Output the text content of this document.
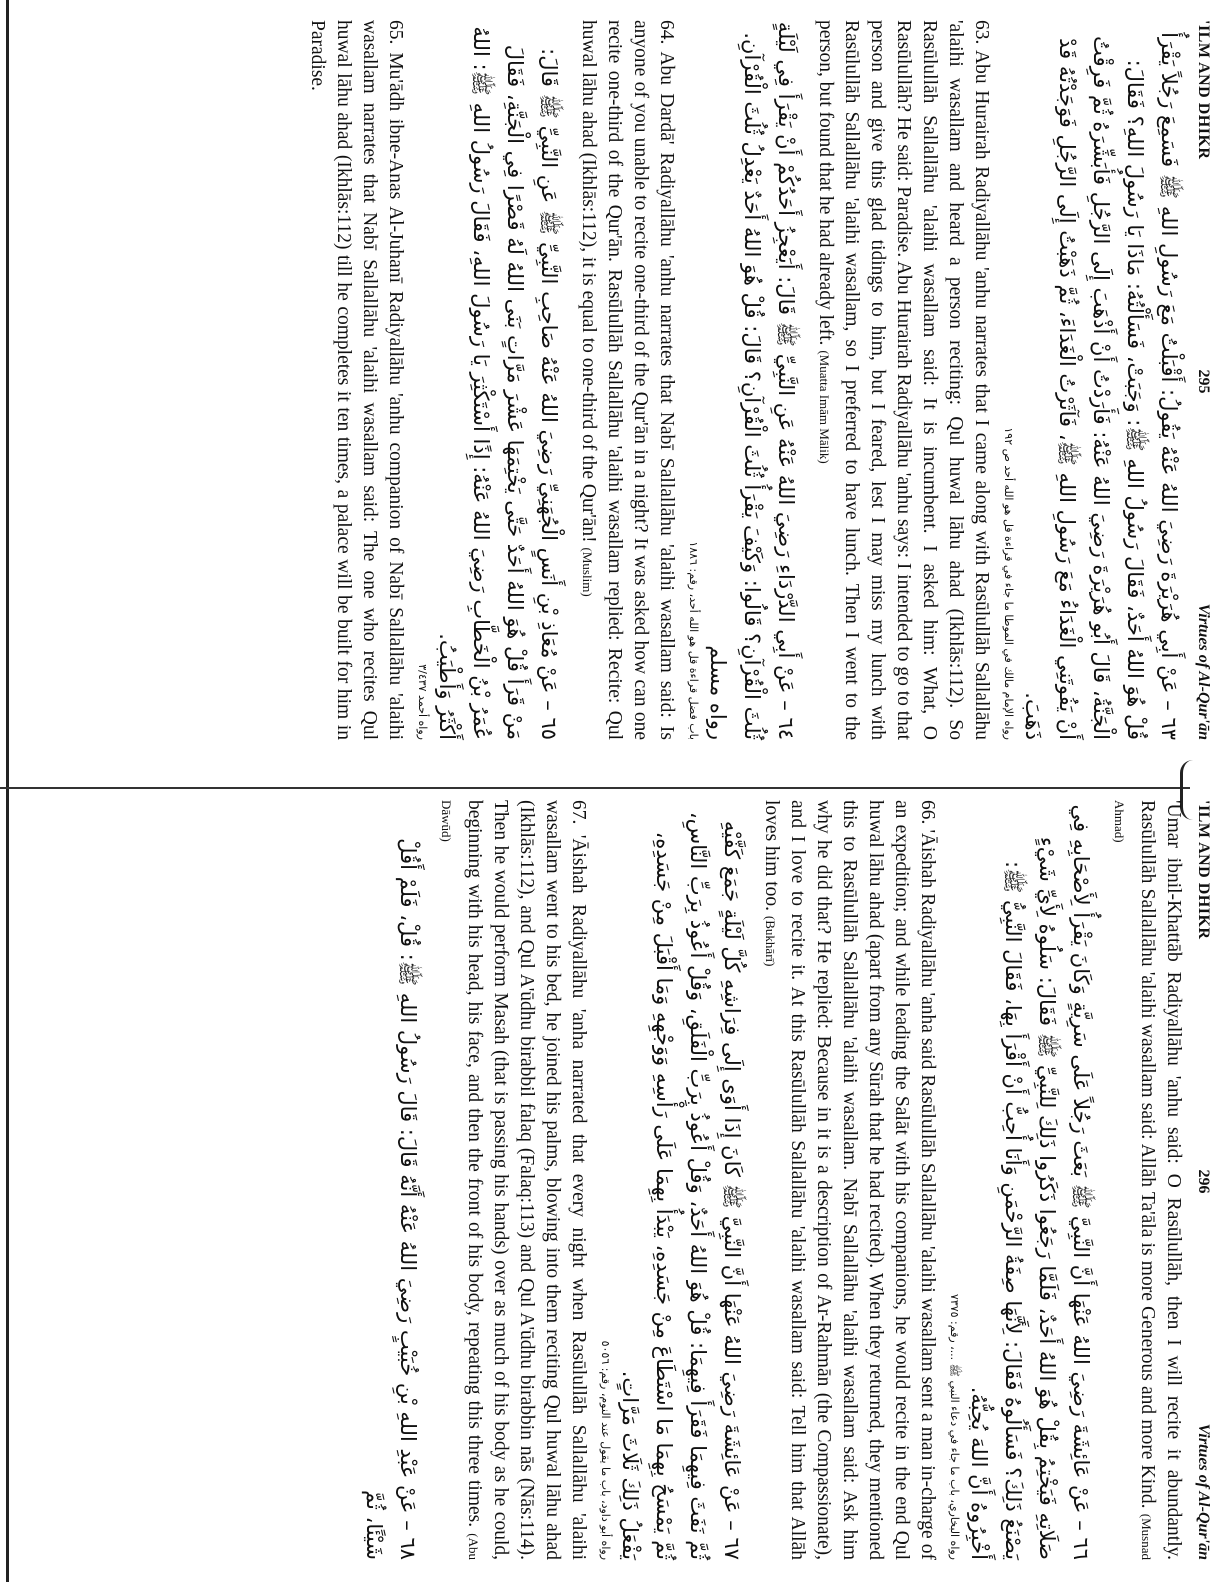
'ILM AND DHIKR
295
Virtues of Al-Qur'ān

٦٣ – عَنْ أَبِي هُرَيْرَةَ رَضِيَ اللهُ عَنْهُ يَقُولُ: أَقْبَلْتُ مَعَ رَسُولِ اللهِ ﷺ فَسَمِعَ رَجُلاً يَقْرَأُ قُلْ هُوَ اللهُ أَحَدٌ، فَقَالَ رَسُولُ اللهِ ﷺ: وَجَبَتْ، فَسَأَلْتُهُ: مَاذَا يَا رَسُولَ اللهِ؟ فَقَالَ: الْجَنَّةُ، قَالَ أَبُو هُرَيْرَةَ رَضِيَ اللهُ عَنْهُ: فَأَرَدْتُ أَنْ أَذْهَبَ إِلَى الرَّجُلِ فَأُبَشِّرَهُ ثُمَّ فَرِقْتُ أَنْ يَفُوتَنِي الْغَدَاءُ مَعَ رَسُولِ اللهِ ﷺ، فَآثَرْتُ الْغَدَاءَ، ثُمَّ ذَهَبْتُ إِلَى الرَّجُلِ فَوَجَدْتُهُ قَدْ ذَهَبَ.

رواه الإمام مالك في الموطا ما جاء في قراءة قل هو الله أحد ص ١٩٢

63. Abu Hurairah Radiyallāhu 'anhu narrates that I came along with Rasūlullāh Sallallāhu 'alaihi wasallam and heard a person reciting: Qul huwal lāhu ahad (Ikhlās:112). So Rasūlullāh Sallallāhu 'alaihi wasallam said: It is incumbent. I asked him: What, O Rasūlullāh? He said: Paradise. Abu Hurairah Radiyallāhu 'anhu says: I intended to go to that person and give this glad tidings to him, but I feared, lest I may miss my lunch with Rasūlullāh Sallallāhu 'alaihi wasallam, so I preferred to have lunch. Then I went to the person, but found that he had already left. (Muatta Imām Mālik)

٦٤ – عَنْ أَبِي الدَّرْدَاءِ رَضِيَ اللهُ عَنْهُ عَنِ النَّبِيِّ ﷺ قَالَ: أَيَعْجِزُ أَحَدُكُمْ أَنْ يَقْرَأَ فِي لَيْلَةٍ ثُلُثَ الْقُرْآنِ؟ قَالُوا: وَكَيْفَ يَقْرَأُ ثُلُثَ الْقُرْآنِ؟ قَالَ: قُلْ هُوَ اللهُ أَحَدٌ يَعْدِلُ ثُلُثَ الْقُرْآنِ. رواه مسلم

باب فضل قراءة قل هو الله أحد، رقم: ١٨٨٦

64. Abu Dardā' Radiyallāhu 'anhu narrates that Nabī Sallallāhu 'alaihi wasallam said: Is anyone of you unable to recite one-third of the Qur'ān in a night? It was asked how can one recite one-third of the Qur'ān. Rasūlullāh Sallallāhu 'alaihi wasallam replied: Recite: Qul huwal lāhu ahad (Ikhlās:112), it is equal to one-third of the Qur'ān! (Muslim)

٦٥ – عَنْ مُعَاذِ بْنِ أَنَسٍ الْجُهَنِيِّ رَضِيَ اللهُ عَنْهُ صَاحِبِ النَّبِيِّ ﷺ عَنِ النَّبِيِّ ﷺ قَالَ: مَنْ قَرَأَ قُلْ هُوَ اللهُ أَحَدٌ حَتَّى يَخْتِمَهَا عَشْرَ مَرَّاتٍ بَنَى اللهُ لَهُ قَصْرًا فِي الْجَنَّةِ، فَقَالَ عُمَرُ بْنُ الْخَطَّابِ رَضِيَ اللهُ عَنْهُ: إِذًا أَسْتَكْثِرَ يَا رَسُولَ اللهِ، فَقَالَ رَسُولُ اللهِ ﷺ: اللهُ أَكْثَرُ وَأَطْيَبُ.

رواه أحمد ٣/٤٣٧

65. Mu'ādh ibne-Anas Al-Juhanī Radiyallāhu 'anhu companion of Nabī Sallallāhu 'alaihi wasallam narrates that Nabī Sallallāhu 'alaihi wasallam said: The one who recites Qul huwal lāhu ahad (Ikhlās:112) till he completes it ten times, a palace will be built for him in Paradise.

'ILM AND DHIKR
296
Virtues of Al-Qur'ān

'Umar ibnil-Khattāb Radiyallāhu 'anhu said: O Rasūlullāh, then I will recite it abundantly. Rasūlullāh Sallallāhu 'alaihi wasallam said: Allāh Ta'āla is more Generous and more Kind. (Musnad Ahmad)

٦٦ – عَنْ عَائِشَةَ رَضِيَ اللهُ عَنْهَا أَنَّ النَّبِيَّ ﷺ بَعَثَ رَجُلاً عَلَى سَرِيَّةٍ وَكَانَ يَقْرَأُ لِأَصْحَابِهِ فِي صَلَاتِهِ فَيَخْتِمُ بِقُلْ هُوَ اللهُ أَحَدٌ، فَلَمَّا رَجَعُوا ذَكَرُوا ذَلِكَ لِلنَّبِيِّ ﷺ فَقَالَ: سَلُوهُ لِأَيِّ شَيْءٍ يَصْنَعُ ذَلِكَ؟ فَسَأَلُوهُ فَقَالَ: لِأَنَّهَا صِفَةُ الرَّحْمَنِ وَأَنَا أُحِبُّ أَنْ أَقْرَأَ بِهَا، فَقَالَ النَّبِيُّ ﷺ: أَخْبِرُوهُ أَنَّ اللهَ يُحِبُّهُ.

رواه البخاري، باب ما جاء في دعاء النبي ﷺ ...، رقم: ٧٣٧٥

66. 'Āishah Radiyallāhu 'anha said Rasūlullāh Sallallāhu 'alaihi wasallam sent a man in-charge of an expedition; and while leading the Salāt with his companions, he would recite in the end Qul huwal lāhu ahad (apart from any Sūrah that he had recited). When they returned, they mentioned this to Rasūlullāh Sallallāhu 'alaihi wasallam. Nabī Sallallāhu 'alaihi wasallam said: Ask him why he did that? He replied: Because in it is a description of Ar-Rahmān (the Compassionate), and I love to recite it. At this Rasūlullāh Sallallāhu 'alaihi wasallam said: Tell him that Allāh loves him too. (Bukhārī)

٦٧ – عَنْ عَائِشَةَ رَضِيَ اللهُ عَنْهَا أَنَّ النَّبِيَّ ﷺ كَانَ إِذَا أَوَى إِلَى فِرَاشِهِ كُلَّ لَيْلَةٍ جَمَعَ كَفَّيْهِ ثُمَّ نَفَثَ فِيهِمَا فَقَرَأَ فِيهِمَا: قُلْ هُوَ اللهُ أَحَدٌ، وَقُلْ أَعُوذُ بِرَبِّ الْفَلَقِ، وَقُلْ أَعُوذُ بِرَبِّ النَّاسِ، ثُمَّ يَمْسَحُ بِهِمَا مَا اسْتَطَاعَ مِنْ جَسَدِهِ، يَبْدَأُ بِهِمَا عَلَى رَأْسِهِ وَوَجْهِهِ وَمَا أَقْبَلَ مِنْ جَسَدِهِ، يَفْعَلُ ذَلِكَ ثَلَاثَ مَرَّاتٍ.

رواه أبو داود، باب ما يقول عند النوم، رقم: ٥٠٥٦

67. 'Āishah Radiyallāhu 'anha narrated that every night when Rasūlullāh Sallallāhu 'alaihi wasallam went to his bed, he joined his palms, blowing into them reciting Qul huwal lāhu ahad (Ikhlās:112), and Qul A'ūdhu birabbil falaq (Falaq:113) and Qul A'ūdhu birabbin nās (Nās:114). Then he would perform Masah (that is passing his hands) over as much of his body as he could, beginning with his head, his face, and then the front of his body, repeating this three times. (Abu Dāwūd)

٦٨ – عَنْ عَبْدِ اللهِ بْنِ خُبَيْبٍ رَضِيَ اللهُ عَنْهُ أَنَّهُ قَالَ: قَالَ رَسُولُ اللهِ ﷺ: قُلْ، فَلَمْ أَقُلْ شَيْئًا، ثُمَّ
